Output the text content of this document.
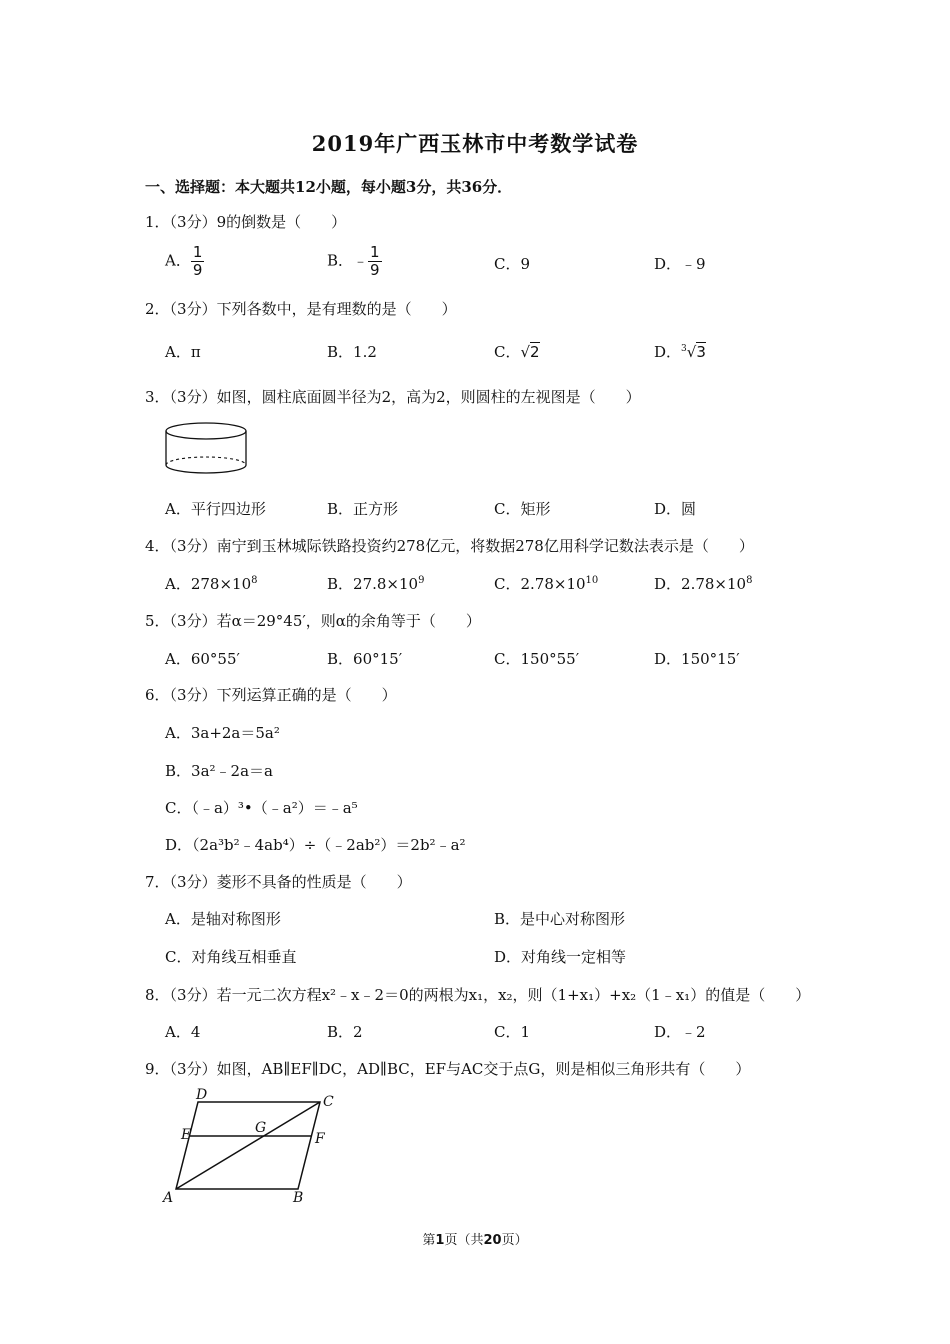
2019年广西玉林市中考数学试卷
一、选择题：本大题共12小题，每小题3分，共36分．
1．（3分）9的倒数是（　　）
A． $\frac{1}{9}$	B．﹣ $\frac{1}{9}$	C．9	D．﹣9
2．（3分）下列各数中，是有理数的是（　　）
A．π	B．1.2	C．√2	D．$^3$√3
3．（3分）如图，圆柱底面圆半径为2，高为2，则圆柱的左视图是（　　）
A．平行四边形	B．正方形	C．矩形	D．圆
4．（3分）南宁到玉林城际铁路投资约278亿元，将数据278亿用科学记数法表示是（　　）
A．$278\times 10^8$	B．$27.8\times 10^9$	C．$2.78\times 10^{10}$	D．$2.78\times 10^8$
5．（3分）若α＝29°45′，则α的余角等于（　　）
A．60°55′	B．60°15′	C．150°55′	D．150°15′
6．（3分）下列运算正确的是（　　）
A．3a+2a＝5a²
B．3a²﹣2a＝a
C．（﹣a）³•（﹣a²）＝﹣a⁵
D．（2a³b²﹣4ab⁴）÷（﹣2ab²）＝2b²﹣a²
7．（3分）菱形不具备的性质是（　　）
A．是轴对称图形	B．是中心对称图形
C．对角线互相垂直	D．对角线一定相等
8．（3分）若一元二次方程x²﹣x﹣2＝0的两根为x₁，x₂，则（1+x₁）+x₂（1﹣x₁）的值是（　　）
A．4	B．2	C．1	D．﹣2
9．（3分）如图，AB∥EF∥DC，AD∥BC，EF与AC交于点G，则是相似三角形共有（　　）
D	C
E	G
F
A	B
第1页（共20页）
